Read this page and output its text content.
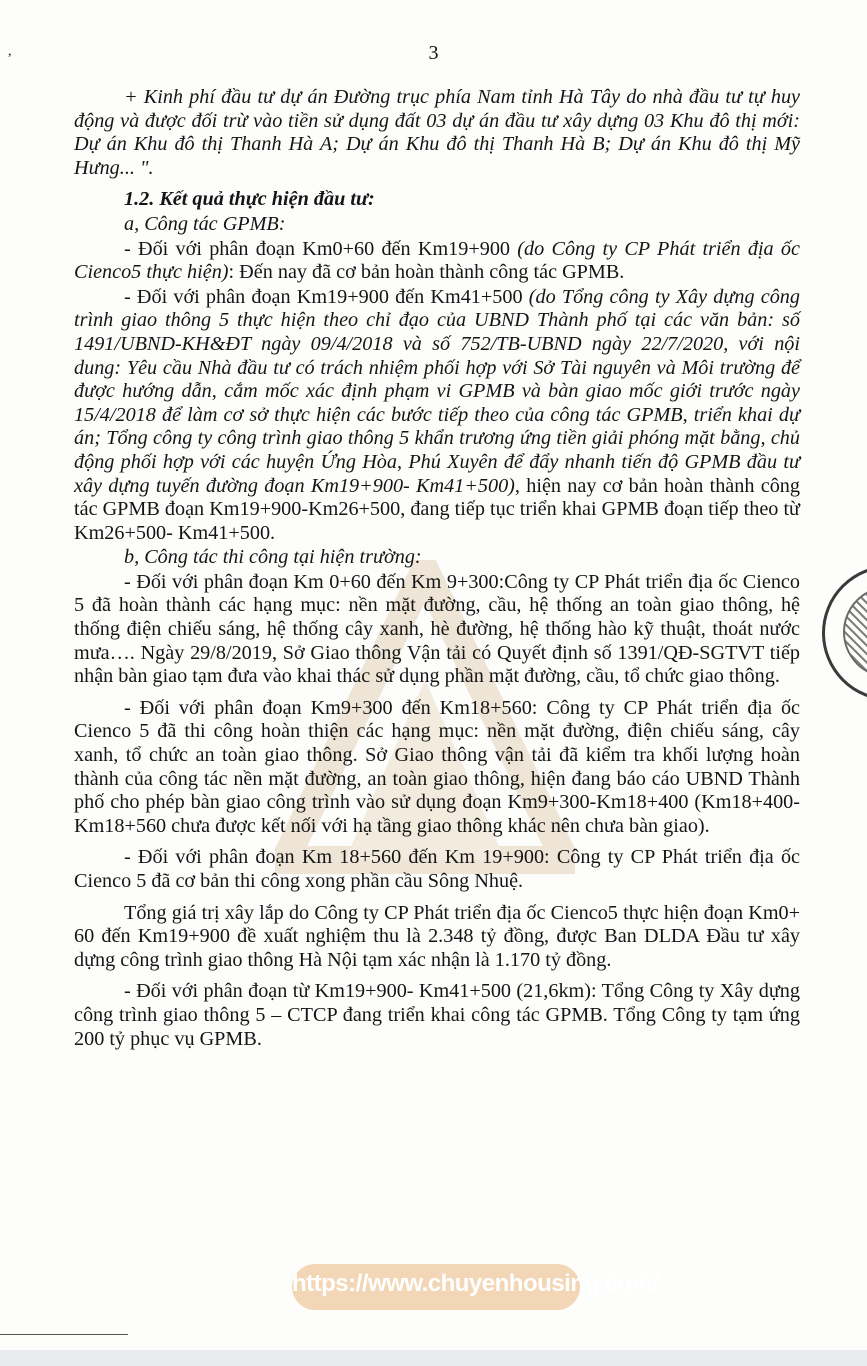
,	3

+ Kinh phí đầu tư dự án Đường trục phía Nam tỉnh Hà Tây do nhà đầu tư tự huy động và được đối trừ vào tiền sử dụng đất 03 dự án đầu tư xây dựng 03 Khu đô thị mới: Dự án Khu đô thị Thanh Hà A; Dự án Khu đô thị Thanh Hà B; Dự án Khu đô thị Mỹ Hưng... ".

1.2. Kết quả thực hiện đầu tư:

a, Công tác GPMB:

- Đối với phân đoạn Km0+60 đến Km19+900 (do Công ty CP Phát triển địa ốc Cienco5 thực hiện): Đến nay đã cơ bản hoàn thành công tác GPMB.

- Đối với phân đoạn Km19+900 đến Km41+500 (do Tổng công ty Xây dựng công trình giao thông 5 thực hiện theo chỉ đạo của UBND Thành phố tại các văn bản: số 1491/UBND-KH&ĐT ngày 09/4/2018 và số 752/TB-UBND ngày 22/7/2020, với nội dung: Yêu cầu Nhà đầu tư có trách nhiệm phối hợp với Sở Tài nguyên và Môi trường để được hướng dẫn, cắm mốc xác định phạm vi GPMB và bàn giao mốc giới trước ngày 15/4/2018 để làm cơ sở thực hiện các bước tiếp theo của công tác GPMB, triển khai dự án; Tổng công ty công trình giao thông 5 khẩn trương ứng tiền giải phóng mặt bằng, chủ động phối hợp với các huyện Ứng Hòa, Phú Xuyên để đẩy nhanh tiến độ GPMB đầu tư xây dựng tuyến đường đoạn Km19+900- Km41+500), hiện nay cơ bản hoàn thành công tác GPMB đoạn Km19+900-Km26+500, đang tiếp tục triển khai GPMB đoạn tiếp theo từ Km26+500- Km41+500.

b, Công tác thi công tại hiện trường:

- Đối với phân đoạn Km 0+60 đến Km 9+300:Công ty CP Phát triển địa ốc Cienco 5 đã hoàn thành các hạng mục: nền mặt đường, cầu, hệ thống an toàn giao thông, hệ thống điện chiếu sáng, hệ thống cây xanh, hè đường, hệ thống hào kỹ thuật, thoát nước mưa…. Ngày 29/8/2019, Sở Giao thông Vận tải có Quyết định số 1391/QĐ-SGTVT tiếp nhận bàn giao tạm đưa vào khai thác sử dụng phần mặt đường, cầu, tổ chức giao thông.

- Đối với phân đoạn Km9+300 đến Km18+560: Công ty CP Phát triển địa ốc Cienco 5 đã thi công hoàn thiện các hạng mục: nền mặt đường, điện chiếu sáng, cây xanh, tổ chức an toàn giao thông. Sở Giao thông vận tải đã kiểm tra khối lượng hoàn thành của công tác nền mặt đường, an toàn giao thông, hiện đang báo cáo UBND Thành phố cho phép bàn giao công trình vào sử dụng đoạn Km9+300-Km18+400 (Km18+400-Km18+560 chưa được kết nối với hạ tầng giao thông khác nên chưa bàn giao).

- Đối với phân đoạn Km 18+560 đến Km 19+900: Công ty CP Phát triển địa ốc Cienco 5 đã cơ bản thi công xong phần cầu Sông Nhuệ.

Tổng giá trị xây lắp do Công ty CP Phát triển địa ốc Cienco5 thực hiện đoạn Km0+ 60 đến Km19+900 đề xuất nghiệm thu là 2.348 tỷ đồng, được Ban DLDA Đầu tư xây dựng công trình giao thông Hà Nội tạm xác nhận là 1.170 tỷ đồng.

- Đối với phân đoạn từ Km19+900- Km41+500 (21,6km): Tổng Công ty Xây dựng công trình giao thông 5 – CTCP đang triển khai công tác GPMB. Tổng Công ty tạm ứng 200 tỷ phục vụ GPMB.

https://www.chuyenhousing.com/
